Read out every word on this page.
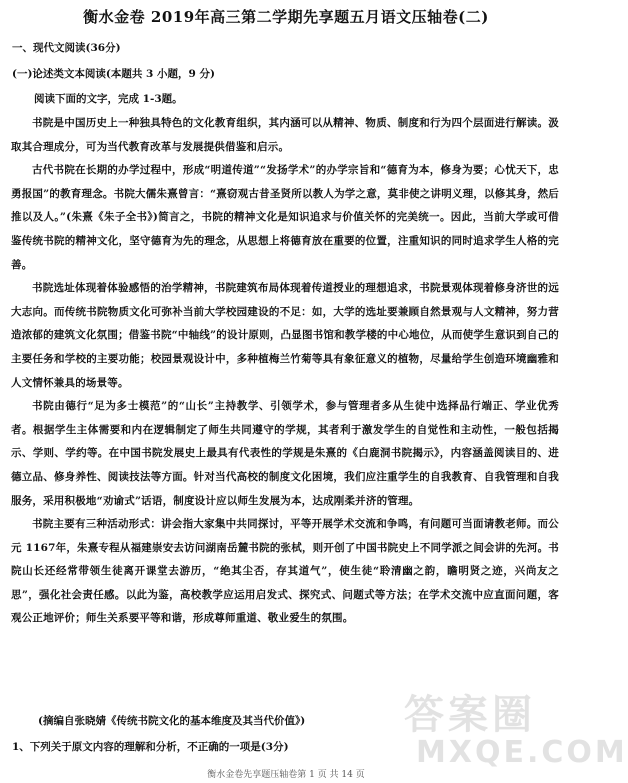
衡水金卷 2019年高三第二学期先享题五月语文压轴卷(二)
一、现代文阅读(36分)
(一)论述类文本阅读(本题共 3 小题，9 分)
阅读下面的文字，完成 1-3题。

书院是中国历史上一种独具特色的文化教育组织，其内涵可以从精神、物质、制度和行为四个层面进行解读。汲取其合理成分，可为当代教育改革与发展提供借鉴和启示。

古代书院在长期的办学过程中，形成“明道传道”“发扬学术”的办学宗旨和“德育为本，修身为要；心忧天下，忠勇报国”的教育理念。书院大儒朱熹曾言：“熹窃观古昔圣贤所以教人为学之意，莫非使之讲明义理，以修其身，然后推以及人。”(朱熹《朱子全书》)简言之，书院的精神文化是知识追求与价值关怀的完美统一。因此，当前大学或可借鉴传统书院的精神文化，坚守德育为先的理念，从思想上将德育放在重要的位置，注重知识的同时追求学生人格的完善。

书院选址体现着体验感悟的治学精神，书院建筑布局体现着传道授业的理想追求，书院景观体现着修身济世的远大志向。而传统书院物质文化可弥补当前大学校园建设的不足：如，大学的选址要兼顾自然景观与人文精神，努力营造浓郁的建筑文化氛围；借鉴书院“中轴线”的设计原则，凸显图书馆和教学楼的中心地位，从而使学生意识到自己的主要任务和学校的主要功能；校园景观设计中，多种植梅兰竹菊等具有象征意义的植物，尽量给学生创造环境幽雅和人文情怀兼具的场景等。

书院由德行“足为多士模范”的“山长”主持教学、引领学术，参与管理者多从生徒中选择品行端正、学业优秀者。根据学生主体需要和内在逻辑制定了师生共同遵守的学规，其者利于激发学生的自觉性和主动性，一般包括揭示、学则、学约等。在中国书院发展史上最具有代表性的学规是朱熹的《白鹿洞书院揭示》，内容涵盖阅读目的、进德立品、修身养性、阅读技法等方面。针对当代高校的制度文化困境，我们应注重学生的自我教育、自我管理和自我服务，采用积极地“劝谕式”话语，制度设计应以师生发展为本，达成刚柔并济的管理。

书院主要有三种活动形式：讲会指大家集中共同探讨，平等开展学术交流和争鸣，有问题可当面请教老师。而公元 1167年，朱熹专程从福建崇安去访问湖南岳麓书院的张栻，则开创了中国书院史上不同学派之间会讲的先河。书院山长还经常带领生徒离开课堂去游历，“绝其尘否，存其道气”，使生徒“聆清幽之韵，瞻明贤之迹，兴尚友之思”，强化社会责任感。以此为鉴，高校教学应运用启发式、探究式、问题式等方法；在学术交流中应直面问题，客观公正地评价；师生关系要平等和谐，形成尊师重道、敬业爱生的氛围。

(摘编自张晓婧《传统书院文化的基本维度及其当代价值》)
1、下列关于原文内容的理解和分析，不正确的一项是(3分)
衡水金卷先享题压轴卷第 1 页 共 14 页
答案圈
MXQE.COM
